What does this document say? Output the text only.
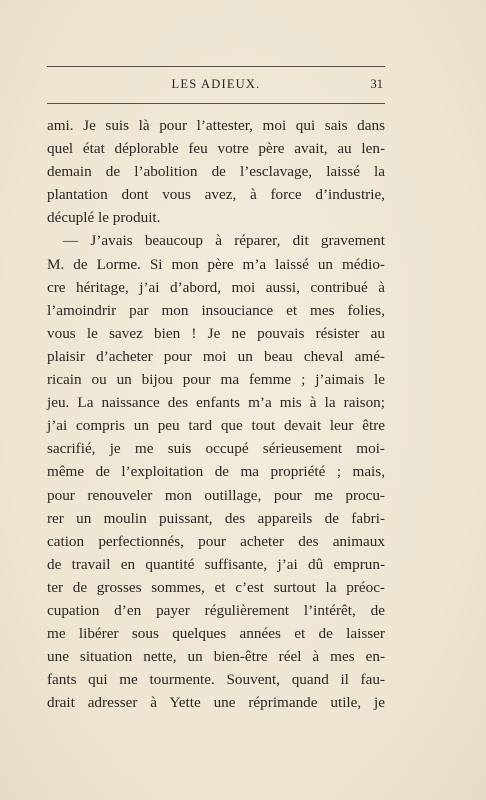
LES ADIEUX.	31
ami. Je suis là pour l’attester, moi qui sais dans
quel état déplorable feu votre père avait, au len-
demain de l’abolition de l’esclavage, laissé la
plantation dont vous avez, à force d’industrie,
décuplé le produit.
— J’avais beaucoup à réparer, dit gravement
M. de Lorme. Si mon père m’a laissé un médio-
cre héritage, j’ai d’abord, moi aussi, contribué à
l’amoindrir par mon insouciance et mes folies,
vous le savez bien ! Je ne pouvais résister au
plaisir d’acheter pour moi un beau cheval amé-
ricain ou un bijou pour ma femme ; j’aimais le
jeu. La naissance des enfants m’a mis à la raison;
j’ai compris un peu tard que tout devait leur être
sacrifié, je me suis occupé sérieusement moi-
même de l’exploitation de ma propriété ; mais,
pour renouveler mon outillage, pour me procu-
rer un moulin puissant, des appareils de fabri-
cation perfectionnés, pour acheter des animaux
de travail en quantité suffisante, j’ai dû emprun-
ter de grosses sommes, et c’est surtout la préoc-
cupation d’en payer régulièrement l’intérêt, de
me libérer sous quelques années et de laisser
une situation nette, un bien-être réel à mes en-
fants qui me tourmente. Souvent, quand il fau-
drait adresser à Yette une réprimande utile, je
